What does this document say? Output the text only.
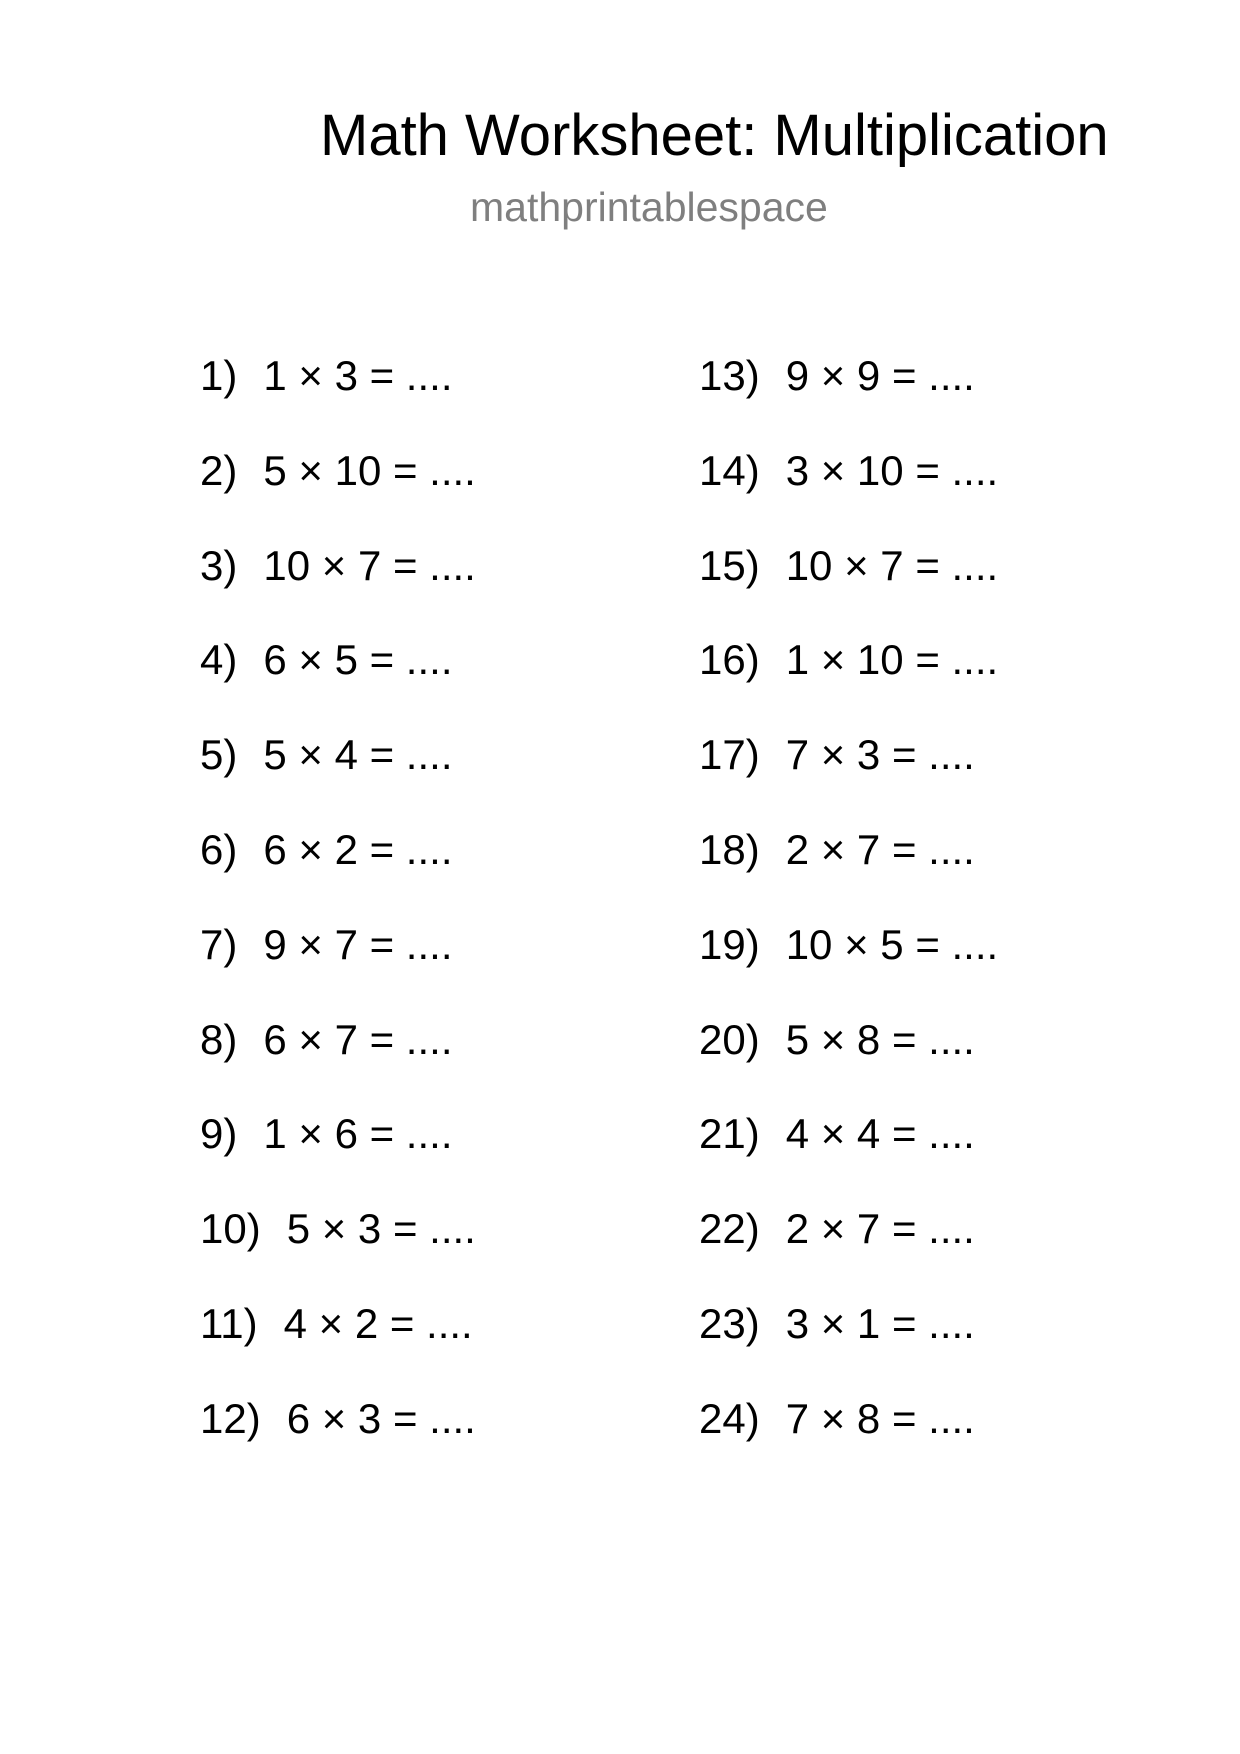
Math Worksheet: Multiplication
mathprintablespace
1) 1 × 3 = ....
2) 5 × 10 = ....
3) 10 × 7 = ....
4) 6 × 5 = ....
5) 5 × 4 = ....
6) 6 × 2 = ....
7) 9 × 7 = ....
8) 6 × 7 = ....
9) 1 × 6 = ....
10) 5 × 3 = ....
11) 4 × 2 = ....
12) 6 × 3 = ....
13) 9 × 9 = ....
14) 3 × 10 = ....
15) 10 × 7 = ....
16) 1 × 10 = ....
17) 7 × 3 = ....
18) 2 × 7 = ....
19) 10 × 5 = ....
20) 5 × 8 = ....
21) 4 × 4 = ....
22) 2 × 7 = ....
23) 3 × 1 = ....
24) 7 × 8 = ....
